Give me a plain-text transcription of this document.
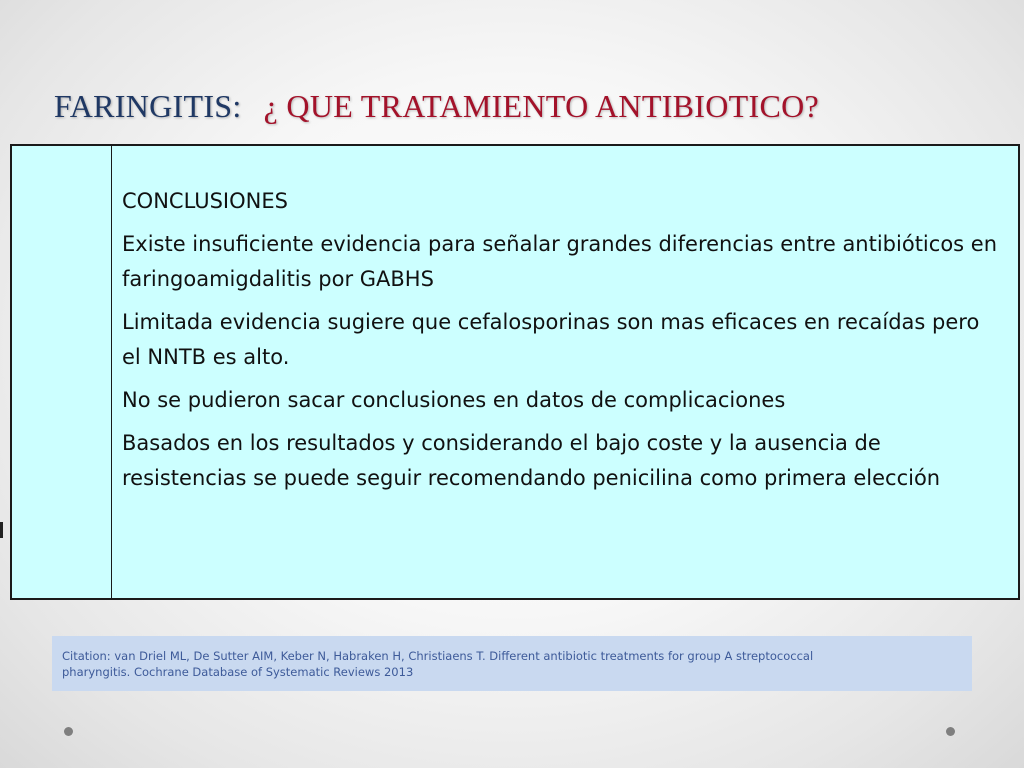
FARINGITIS: ¿ QUE TRATAMIENTO ANTIBIOTICO?

CONCLUSIONES

Existe insuficiente evidencia para señalar grandes diferencias entre antibióticos en faringoamigdalitis por GABHS

Limitada evidencia sugiere que cefalosporinas son mas eficaces en recaídas pero el NNTB es alto.

No se pudieron sacar conclusiones en datos de complicaciones

Basados en los resultados y considerando el bajo coste y la ausencia de resistencias se puede seguir recomendando penicilina como primera elección

Citation: van Driel ML, De Sutter AIM, Keber N, Habraken H, Christiaens T. Different antibiotic treatments for group A streptococcal
pharyngitis. Cochrane Database of Systematic Reviews 2013
